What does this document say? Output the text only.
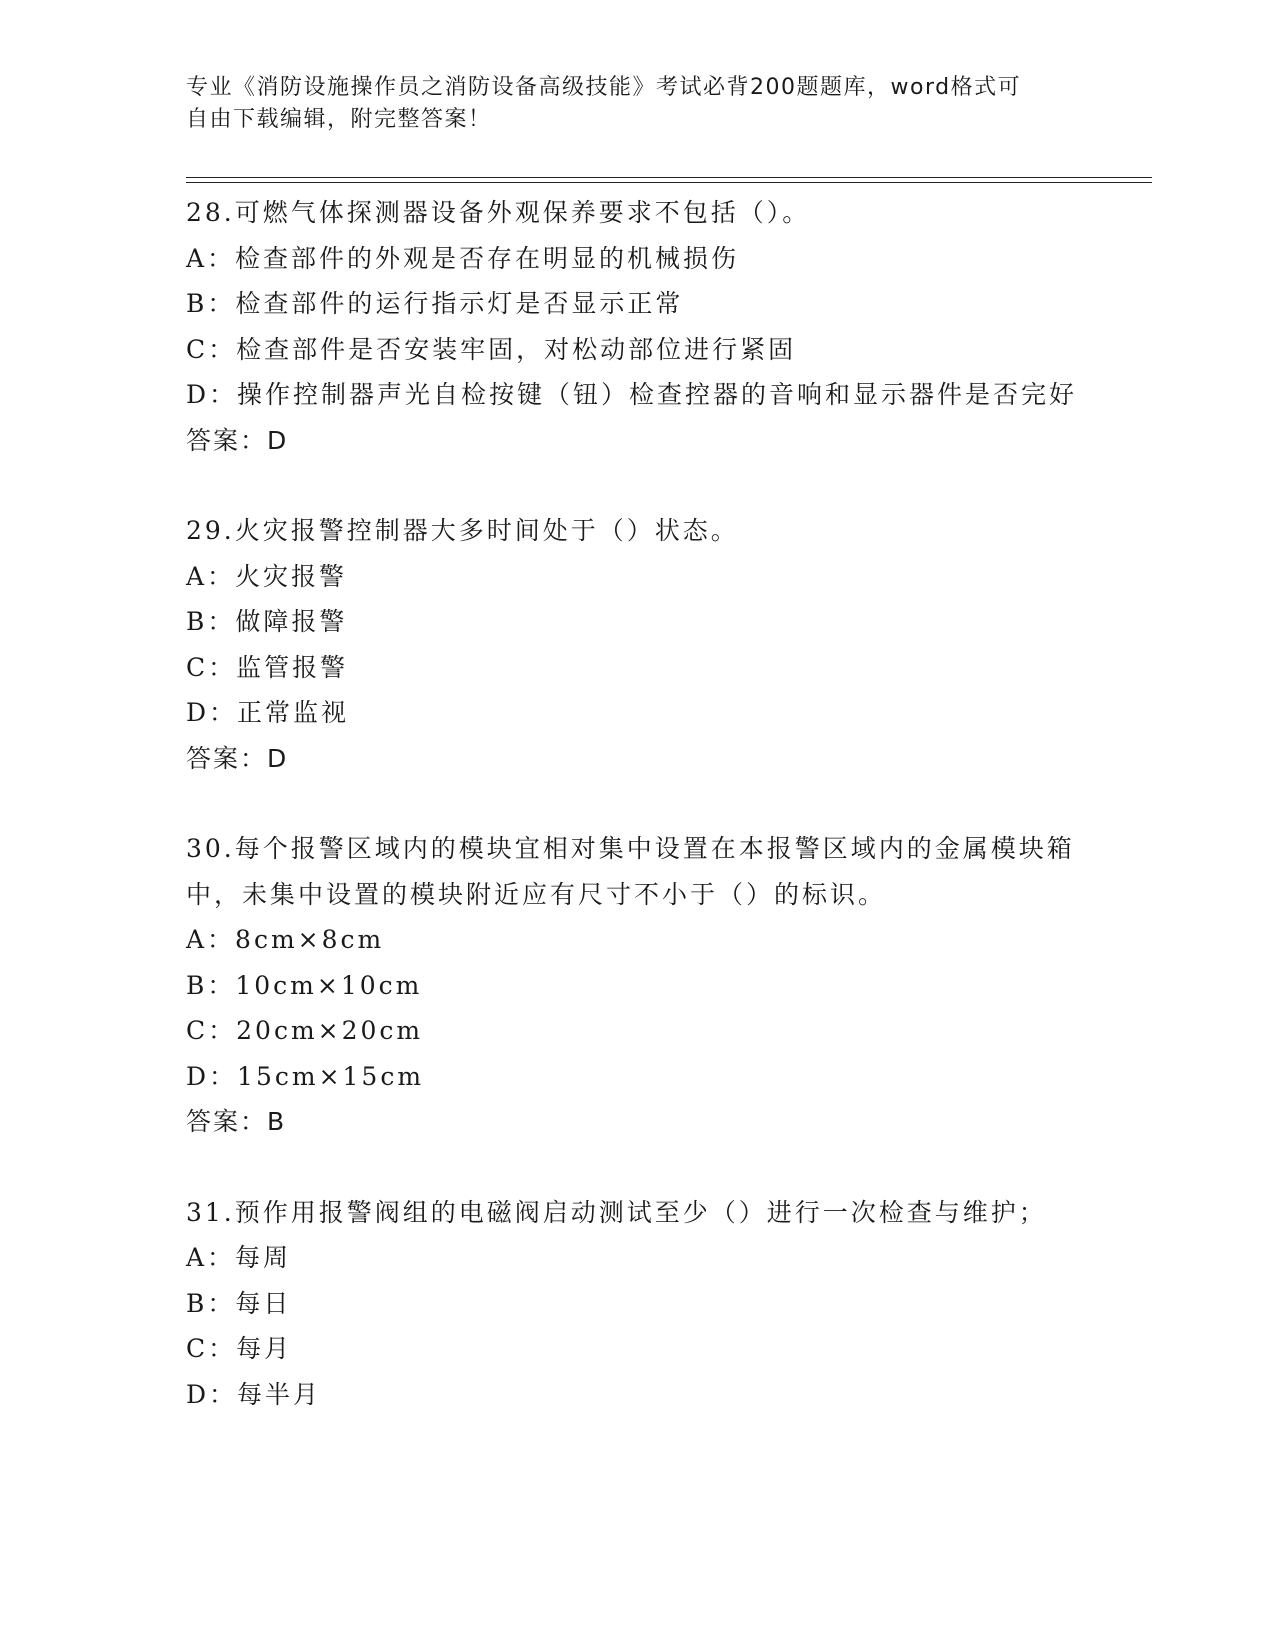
专业《消防设施操作员之消防设备高级技能》考试必背200题题库，word格式可
自由下载编辑，附完整答案！
28.可燃气体探测器设备外观保养要求不包括（）。
A：检查部件的外观是否存在明显的机械损伤
B：检查部件的运行指示灯是否显示正常
C：检查部件是否安装牢固，对松动部位进行紧固
D：操作控制器声光自检按键（钮）检查控器的音响和显示器件是否完好
答案：D
29.火灾报警控制器大多时间处于（）状态。
A：火灾报警
B：做障报警
C：监管报警
D：正常监视
答案：D
30.每个报警区域内的模块宜相对集中设置在本报警区域内的金属模块箱中，未集中设置的模块附近应有尺寸不小于（）的标识。
A：8cm×8cm
B：10cm×10cm
C：20cm×20cm
D：15cm×15cm
答案：B
31.预作用报警阀组的电磁阀启动测试至少（）进行一次检查与维护；
A：每周
B：每日
C：每月
D：每半月
